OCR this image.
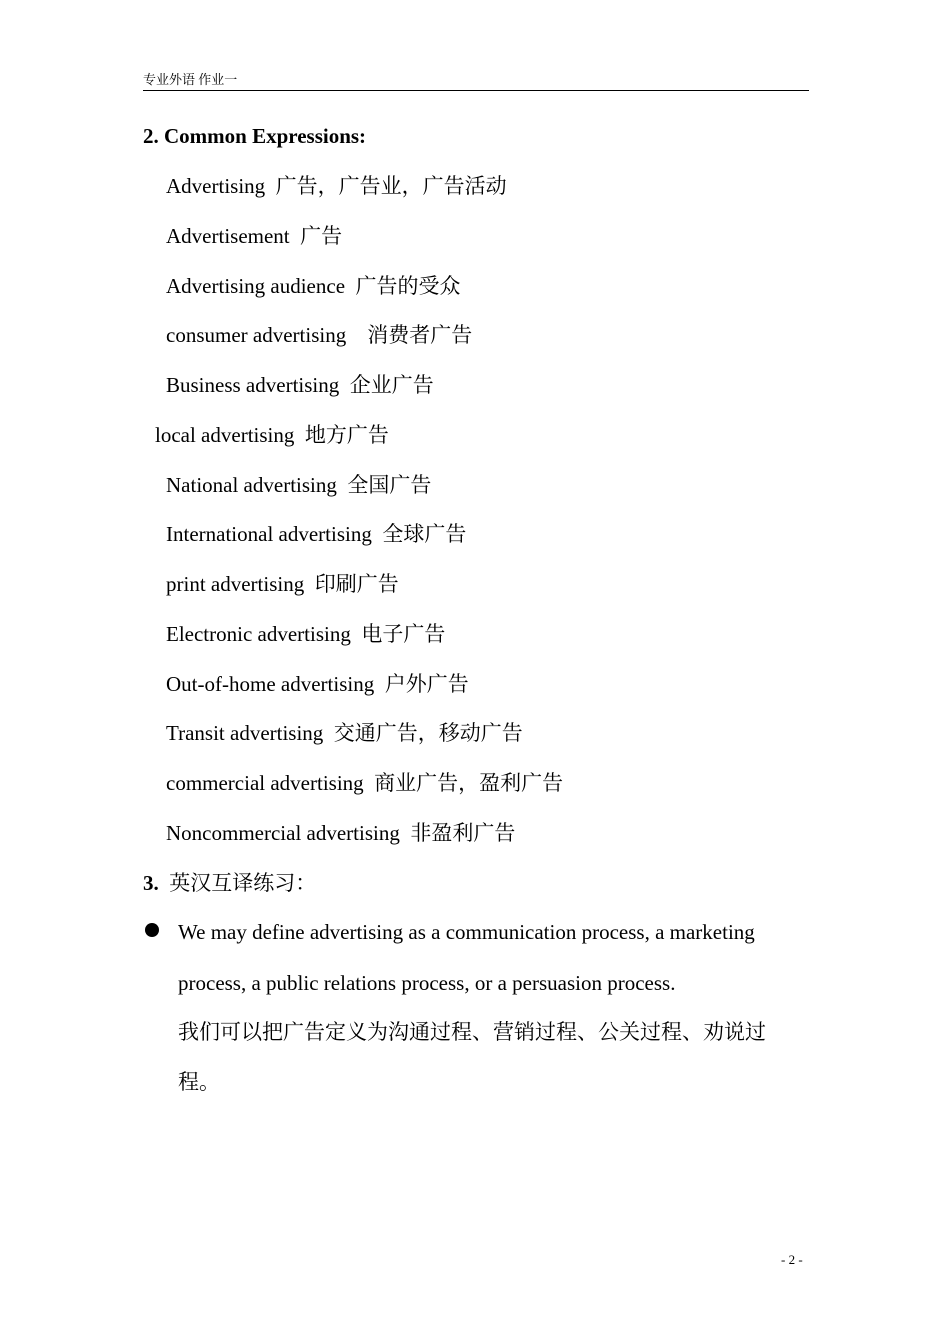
专业外语 作业一
2. Common Expressions:
Advertising  广告，广告业，广告活动
Advertisement  广告
Advertising audience  广告的受众
consumer advertising    消费者广告
Business advertising  企业广告
local advertising  地方广告
National advertising  全国广告
International advertising  全球广告
print advertising  印刷广告
Electronic advertising  电子广告
Out-of-home advertising  户外广告
Transit advertising  交通广告，移动广告
commercial advertising  商业广告，盈利广告
Noncommercial advertising  非盈利广告
3. 英汉互译练习：
We may define advertising as a communication process, a marketing
process, a public relations process, or a persuasion process.
我们可以把广告定义为沟通过程、营销过程、公关过程、劝说过
程。
- 2 -
